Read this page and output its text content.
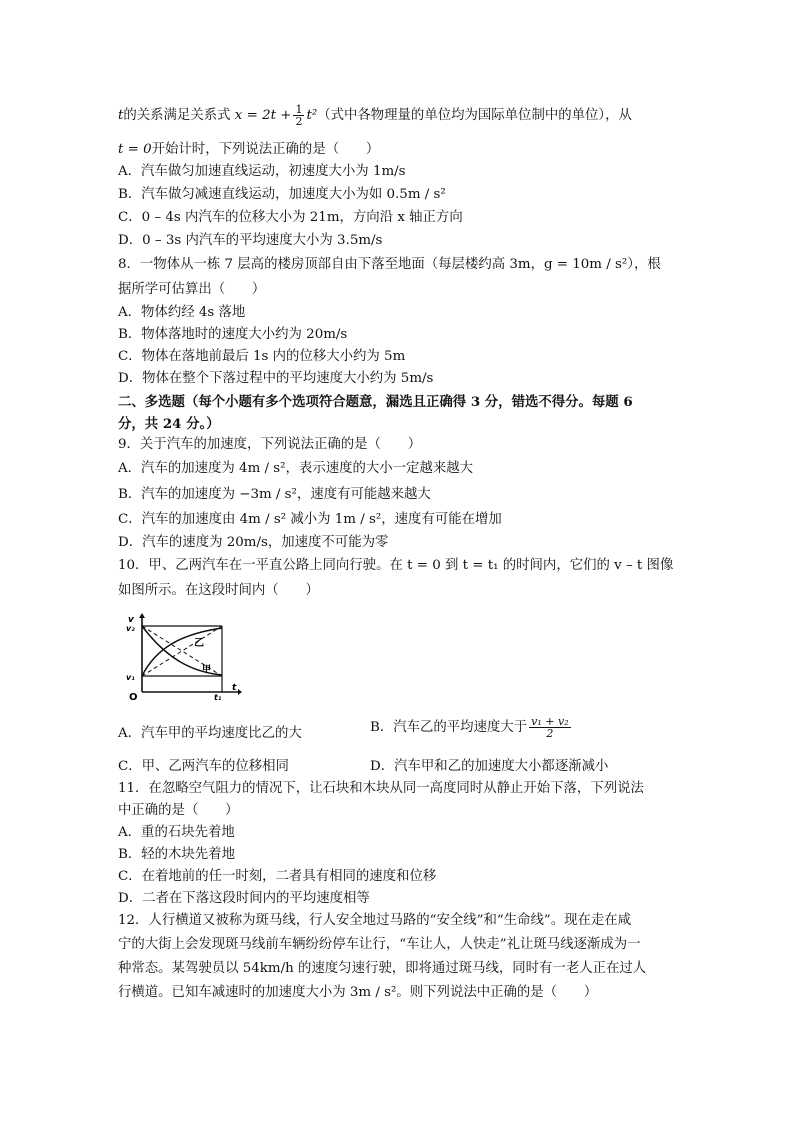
t的关系满足关系式 $x = 2t + \frac{1}{2} t^2$（式中各物理量的单位均为国际单位制中的单位），从
t = 0开始计时，下列说法正确的是（　　）
A．汽车做匀加速直线运动，初速度大小为 1m/s
B．汽车做匀减速直线运动，加速度大小为如 0.5m / s²
C．0 – 4s 内汽车的位移大小为 21m，方向沿 x 轴正方向
D．0 – 3s 内汽车的平均速度大小为 3.5m/s
8．一物体从一栋 7 层高的楼房顶部自由下落至地面（每层楼约高 3m，g = 10m / s²），根
据所学可估算出（　　）
A．物体约经 4s 落地
B．物体落地时的速度大小约为 20m/s
C．物体在落地前最后 1s 内的位移大小约为 5m
D．物体在整个下落过程中的平均速度大小约为 5m/s
二、多选题（每个小题有多个选项符合题意，漏选且正确得 3 分，错选不得分。每题 6
分，共 24 分。）
9．关于汽车的加速度，下列说法正确的是（　　）
A．汽车的加速度为 4m / s²，表示速度的大小一定越来越大
B．汽车的加速度为 −3m / s²，速度有可能越来越大
C．汽车的加速度由 4m / s² 减小为 1m / s²，速度有可能在增加
D．汽车的速度为 20m/s，加速度不可能为零
10．甲、乙两汽车在一平直公路上同向行驶。在 t = 0 到 t = t₁ 的时间内，它们的 v – t 图像
如图所示。在这段时间内（　　）
v
v₂
v₁
O	t₁
t
乙
甲
A．汽车甲的平均速度比乙的大	B．汽车乙的平均速度大于 $\frac{\text{v₁ + v₂}}{2}$
C．甲、乙两汽车的位移相同	D．汽车甲和乙的加速度大小都逐渐减小
11．在忽略空气阻力的情况下，让石块和木块从同一高度同时从静止开始下落，下列说法
中正确的是（　　）
A．重的石块先着地
B．轻的木块先着地
C．在着地前的任一时刻，二者具有相同的速度和位移
D．二者在下落这段时间内的平均速度相等
12．人行横道又被称为斑马线，行人安全地过马路的“安全线”和“生命线”。现在走在咸
宁的大街上会发现斑马线前车辆纷纷停车让行，“车让人，人快走”礼让斑马线逐渐成为一
种常态。某驾驶员以 54km/h 的速度匀速行驶，即将通过斑马线，同时有一老人正在过人
行横道。已知车减速时的加速度大小为 3m / s²。则下列说法中正确的是（　　）
